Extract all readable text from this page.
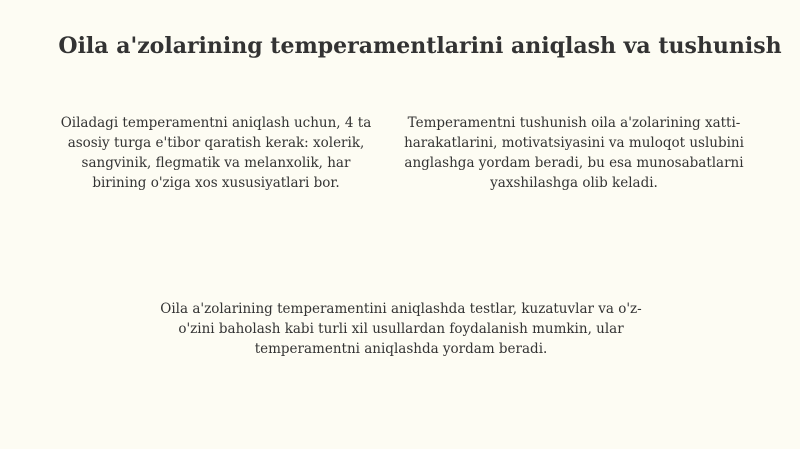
Oila a'zolarining temperamentlarini aniqlash va tushunish

Oiladagi temperamentni aniqlash uchun, 4 ta asosiy turga e'tibor qaratish kerak: xolerik, sangvinik, flegmatik va melanxolik, har birining o'ziga xos xususiyatlari bor.

Temperamentni tushunish oila a'zolarining xatti-harakatlarini, motivatsiyasini va muloqot uslubini anglashga yordam beradi, bu esa munosabatlarni yaxshilashga olib keladi.

Oila a'zolarining temperamentini aniqlashda testlar, kuzatuvlar va o'z-o'zini baholash kabi turli xil usullardan foydalanish mumkin, ular temperamentni aniqlashda yordam beradi.
